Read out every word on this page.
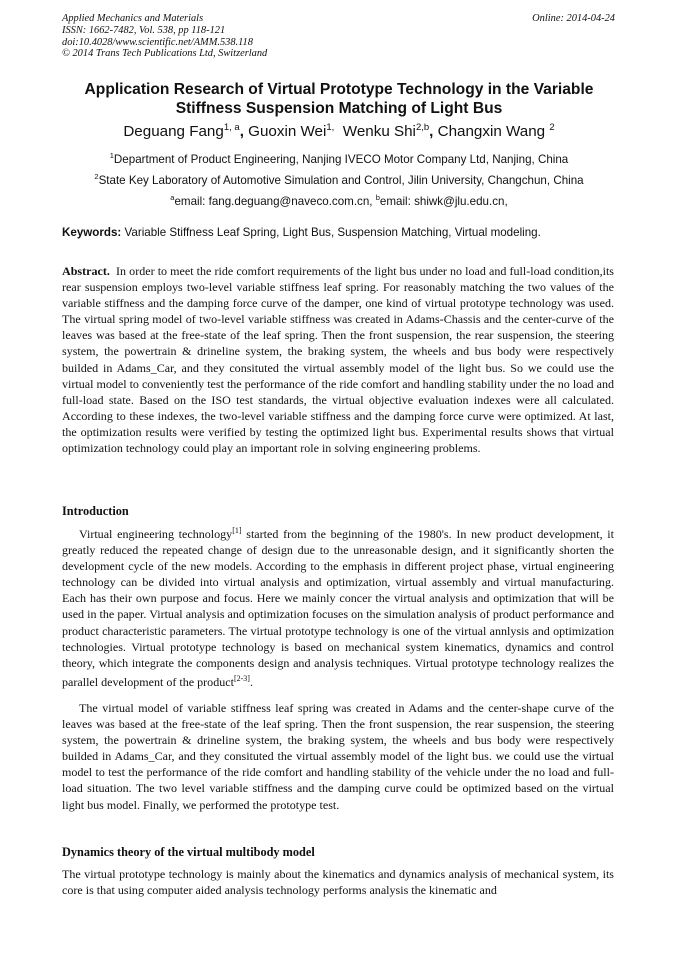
Applied Mechanics and Materials
ISSN: 1662-7482, Vol. 538, pp 118-121
doi:10.4028/www.scientific.net/AMM.538.118
© 2014 Trans Tech Publications Ltd, Switzerland
Online: 2014-04-24
Application Research of Virtual Prototype Technology in the Variable
Stiffness Suspension Matching of Light Bus
Deguang Fang$^{1, a}$, Guoxin Wei$^{1,}$ Wenku Shi$^{2,b}$, Changxin Wang $^2$
$^1$Department of Product Engineering, Nanjing IVECO Motor Company Ltd, Nanjing, China
$^2$State Key Laboratory of Automotive Simulation and Control, Jilin University, Changchun, China
$^a$email: fang.deguang@naveco.com.cn, $^b$email: shiwk@jlu.edu.cn,
Keywords: Variable Stiffness Leaf Spring, Light Bus, Suspension Matching, Virtual modeling.

Abstract. In order to meet the ride comfort requirements of the light bus under no load and full-load condition,its rear suspension employs two-level variable stiffness leaf spring. For reasonably matching the two values of the variable stiffness and the damping force curve of the damper, one kind of virtual prototype technology was used. The virtual spring model of two-level variable stiffness was created in Adams-Chassis and the center-curve of the leaves was based at the free-state of the leaf spring. Then the front suspension, the rear suspension, the steering system, the powertrain & drineline system, the braking system, the wheels and bus body were respectively builded in Adams_Car, and they consituted the virtual assembly model of the light bus. So we could use the virtual model to conveniently test the performance of the ride comfort and handling stability under the no load and full-load state. Based on the ISO test standards, the virtual objective evaluation indexes were all calculated. According to these indexes, the two-level variable stiffness and the damping force curve were optimized. At last, the optimization results were verified by testing the optimized light bus. Experimental results shows that virtual optimization technology could play an important role in solving engineering problems.

Introduction

Virtual engineering technology[1] started from the beginning of the 1980's. In new product development, it greatly reduced the repeated change of design due to the unreasonable design, and it significantly shorten the development cycle of the new models. According to the emphasis in different project phase, virtual engineering technology can be divided into virtual analysis and optimization, virtual assembly and virtual manufacturing. Each has their own purpose and focus. Here we mainly concer the virtual analysis and optimization that will be used in the paper. Virtual analysis and optimization focuses on the simulation analysis of product performance and product characteristic parameters. The virtual prototype technology is one of the virtual annlysis and optimization technologies. Virtual prototype technology is based on mechanical system kinematics, dynamics and control theory, which integrate the components design and analysis techniques. Virtual prototype technology realizes the parallel development of the product[2-3].

The virtual model of variable stiffness leaf spring was created in Adams and the center-shape curve of the leaves was based at the free-state of the leaf spring. Then the front suspension, the rear suspension, the steering system, the powertrain & drineline system, the braking system, the wheels and bus body were respectively builded in Adams_Car, and they consituted the virtual assembly model of the light bus. we could use the virtual model to test the performance of the ride comfort and handling stability of the vehicle under the no load and full-load situation. The two level variable stiffness and the damping curve could be optimized based on the virtual light bus model. Finally, we performed the prototype test.

Dynamics theory of the virtual multibody model

The virtual prototype technology is mainly about the kinematics and dynamics analysis of mechanical system, its core is that using computer aided analysis technology performs analysis the kinematic and
